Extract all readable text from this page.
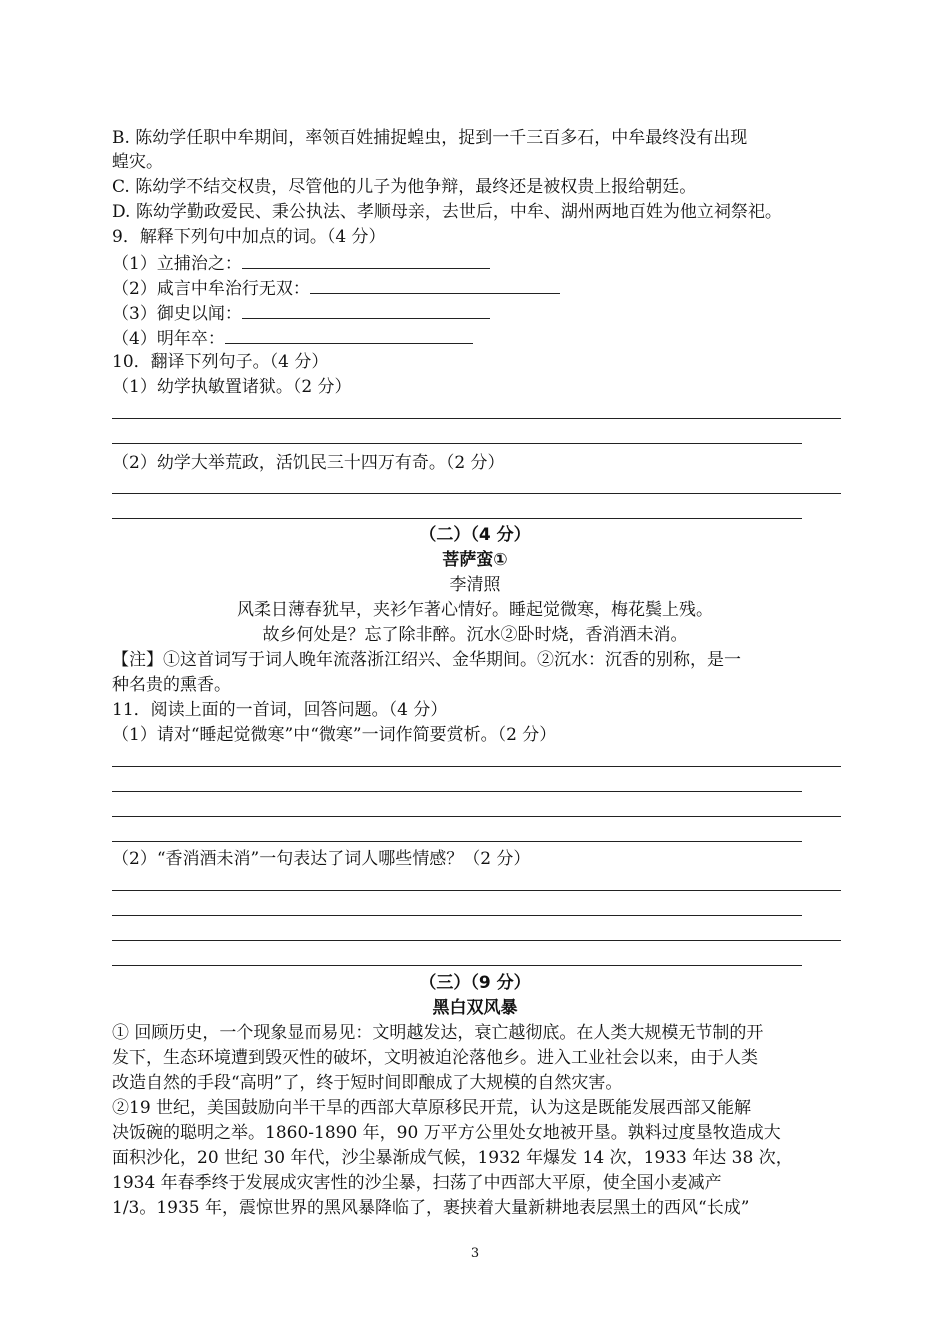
B. 陈幼学任职中牟期间，率领百姓捕捉蝗虫，捉到一千三百多石，中牟最终没有出现
蝗灾。
C. 陈幼学不结交权贵，尽管他的儿子为他争辩，最终还是被权贵上报给朝廷。
D. 陈幼学勤政爱民、秉公执法、孝顺母亲，去世后，中牟、湖州两地百姓为他立祠祭祀。
9．解释下列句中加点的词。（4 分）
（1）立捕治之：
（2）咸言中牟治行无双：
（3）御史以闻：
（4）明年卒：
10．翻译下列句子。（4 分）
（1）幼学执敏置诸狱。（2 分）
（2）幼学大举荒政，活饥民三十四万有奇。（2 分）
（二）（4 分）
菩萨蛮①
李清照
风柔日薄春犹早，夹衫乍著心情好。睡起觉微寒，梅花鬓上残。
故乡何处是？忘了除非醉。沉水②卧时烧，香消酒未消。
【注】①这首词写于词人晚年流落浙江绍兴、金华期间。②沉水：沉香的别称，是一
种名贵的熏香。
11．阅读上面的一首词，回答问题。（4 分）
（1）请对“睡起觉微寒”中“微寒”一词作简要赏析。（2 分）
（2）“香消酒未消”一句表达了词人哪些情感？（2 分）
（三）（9 分）
黑白双风暴
① 回顾历史，一个现象显而易见：文明越发达，衰亡越彻底。在人类大规模无节制的开
发下，生态环境遭到毁灭性的破坏，文明被迫沦落他乡。进入工业社会以来，由于人类
改造自然的手段“高明”了，终于短时间即酿成了大规模的自然灾害。
②19 世纪，美国鼓励向半干旱的西部大草原移民开荒，认为这是既能发展西部又能解
决饭碗的聪明之举。1860-1890 年，90 万平方公里处女地被开垦。孰料过度垦牧造成大
面积沙化，20 世纪 30 年代，沙尘暴渐成气候，1932 年爆发 14 次，1933 年达 38 次，
1934 年春季终于发展成灾害性的沙尘暴，扫荡了中西部大平原，使全国小麦减产
1/3。1935 年，震惊世界的黑风暴降临了，裹挟着大量新耕地表层黑土的西风“长成”
3
